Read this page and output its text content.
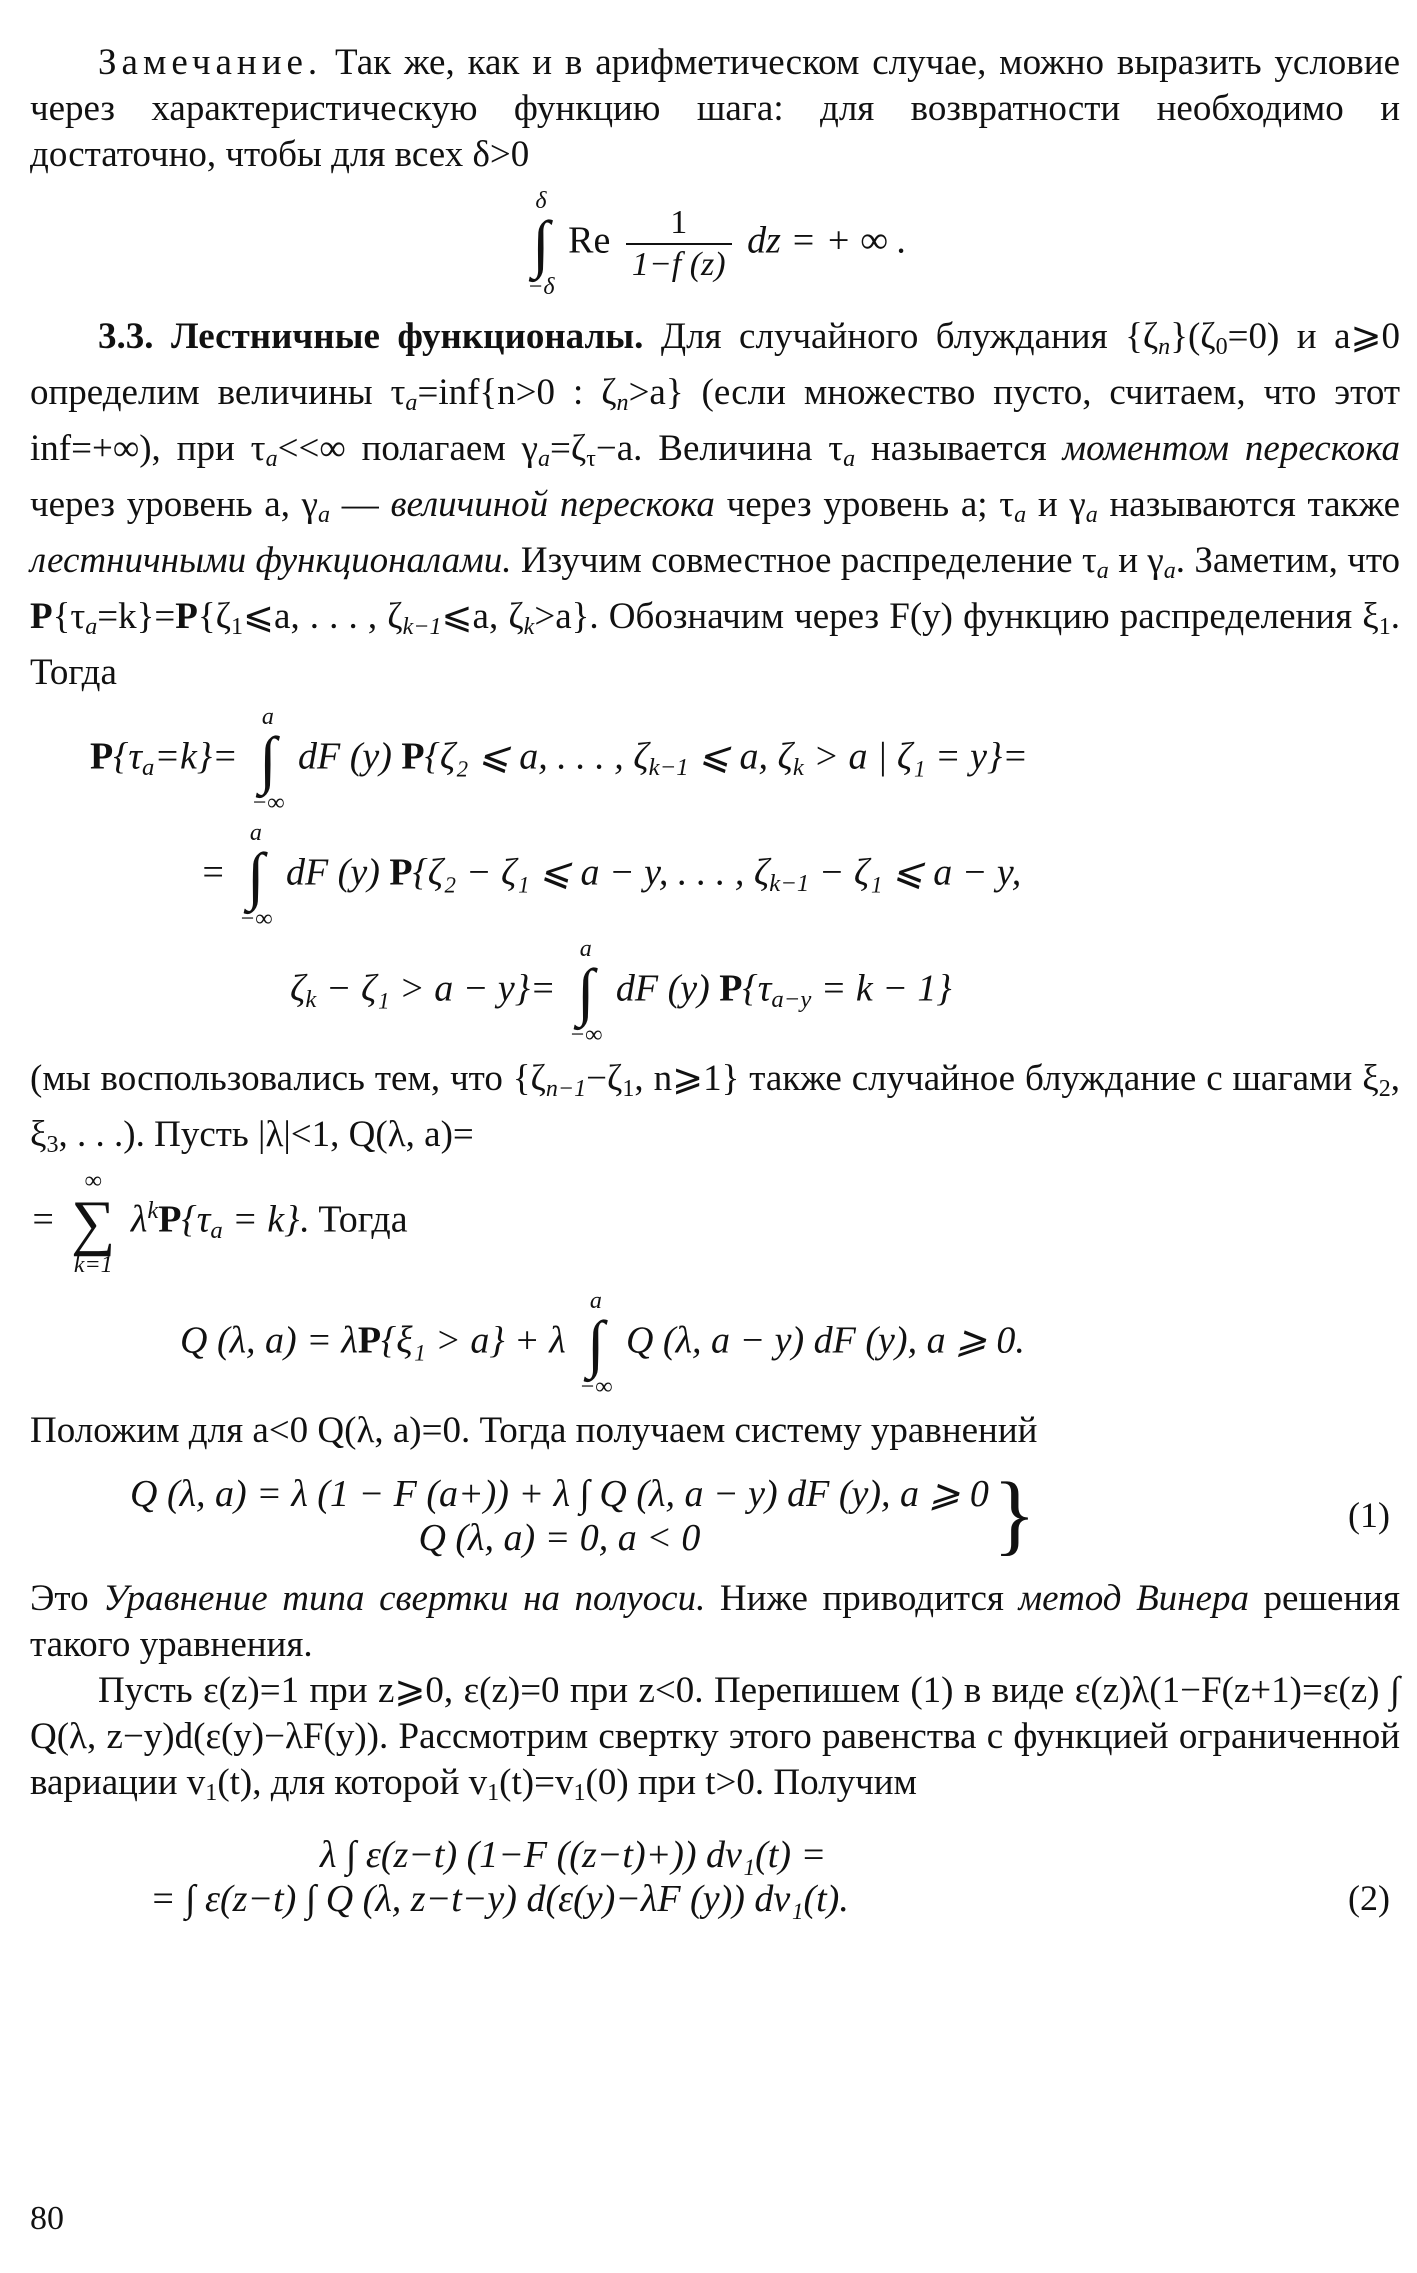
Замечание. Так же, как и в арифметическом случае, можно выразить условие через характеристическую функцию шага: для возвратности необходимо и достаточно, чтобы для всех δ>0

δ
∫
−δ
Re $\frac{1}{1-f (z)}$ dz = + ∞ .

3.3. Лестничные функционалы. Для случайного блуждания $\{\zeta_n\}(\zeta_0=0)$ и a⩾0 определим величины $\tau_a=inf\{n>0$ : $\zeta_n>a$} (если множество пусто, считаем, что этот inf=+∞), при $\tau_a<<\infty$ полагаем $\gamma_a=\zeta_\tau-a$. Величина $\tau_a$ называется моментом перескока через уровень a, $\gamma_a$ — величиной перескока через уровень a; $\tau_a$ и $\gamma_a$ называются также лестничными функционалами. Изучим совместное распределение $\tau_a$ и $\gamma_a$. Заметим, что $P\{\tau_a=k\}=P\{\zeta_1⩽a$, . . . , $\zeta_{k-1}⩽a$, $\zeta_k>a$}. Обозначим через F(y) функцию распределения $\xi_1$. Тогда

$P\{\tau_a=k\}=$
a
∫
−∞
dF (y) P{ζ₂ ⩽ a, . . . , $\zeta_{k-1}$ ⩽ a, $\zeta_k > a$ | ζ₁ = y}=
=
a
∫
−∞
dF (y) P{ζ₂ − ζ₁ ⩽ a − y, . . . , $\zeta_{k-1} - \zeta_1$ ⩽ a − y,
$\zeta_k - \zeta_1 > a - y\}=$
a
∫
−∞
dF (y) $P\{\tau_{a-y} = k - 1\}$

(мы воспользовались тем, что {$\zeta_{n-1}-\zeta_1$, n⩾1} также случайное блуждание с шагами $\xi_2$, $\xi_3$, . . .). Пусть |λ|<1, Q(λ, a)=

=
∞
∑
k=1
$\lambda^kP\{\tau_a = k\}$. Тогда
Q (λ, a) = λP{ξ₁ > a} + λ
a
∫
−∞
Q (λ, a − y) dF (y), a ⩾ 0.

Положим для a<0 Q(λ, a)=0. Тогда получаем систему уравнений

Q (λ, a) = λ (1 − F (a+)) + λ ∫ Q (λ, a − y) dF (y), a ⩾ 0
Q (λ, a) = 0, a < 0	}	(1)

Это Уравнение типа свертки на полуоси. Ниже приводится метод Винера решения такого уравнения.

Пусть ε(z)=1 при z⩾0, ε(z)=0 при z<0. Перепишем (1) в виде ε(z)λ(1−F(z+1)=ε(z) ∫ Q(λ, z−y)d(ε(y)−λF(y)). Рассмотрим свертку этого равенства с функцией ограниченной вариации $v_1(t)$, для которой $v_1(t)=v_1(0)$ при t>0. Получим

λ ∫ ε(z−t) (1−F ((z−t)+)) dv₁(t) =
= ∫ ε(z−t) ∫ Q (λ, z−t−y) d(ε(y)−λF (y)) dv₁(t).	(2)
80
